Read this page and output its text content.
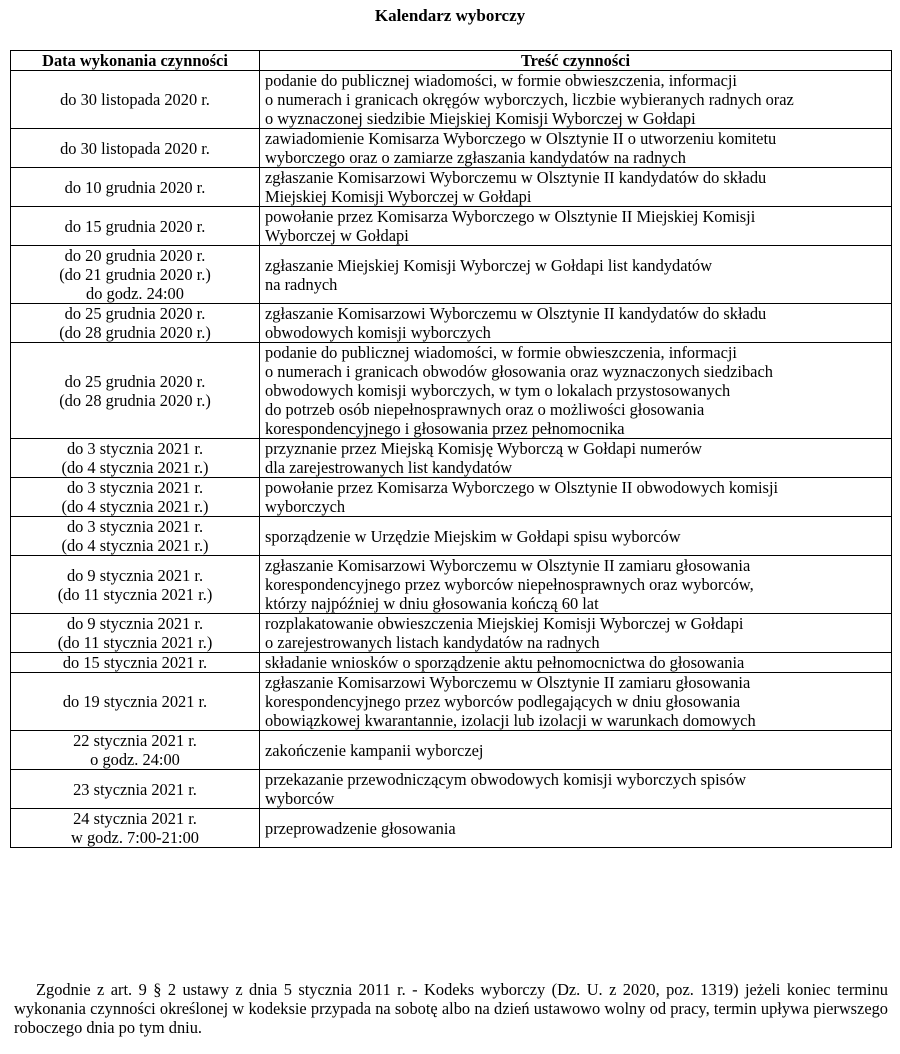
Kalendarz wyborczy
Data wykonania czynności	Treść czynności

do 30 listopada 2020 r.	podanie do publicznej wiadomości, w formie obwieszczenia, informacji
o numerach i granicach okręgów wyborczych, liczbie wybieranych radnych oraz
o wyznaczonej siedzibie Miejskiej Komisji Wyborczej w Gołdapi

do 30 listopada 2020 r.	zawiadomienie Komisarza Wyborczego w Olsztynie II o utworzeniu komitetu
wyborczego oraz o zamiarze zgłaszania kandydatów na radnych

do 10 grudnia 2020 r.	zgłaszanie Komisarzowi Wyborczemu w Olsztynie II kandydatów do składu
Miejskiej Komisji Wyborczej w Gołdapi

do 15 grudnia 2020 r.	powołanie przez Komisarza Wyborczego w Olsztynie II Miejskiej Komisji
Wyborczej w Gołdapi

do 20 grudnia 2020 r.
(do 21 grudnia 2020 r.)
do godz. 24:00	zgłaszanie Miejskiej Komisji Wyborczej w Gołdapi list kandydatów
na radnych

do 25 grudnia 2020 r.
(do 28 grudnia 2020 r.)	zgłaszanie Komisarzowi Wyborczemu w Olsztynie II kandydatów do składu
obwodowych komisji wyborczych

do 25 grudnia 2020 r.
(do 28 grudnia 2020 r.)	podanie do publicznej wiadomości, w formie obwieszczenia, informacji
o numerach i granicach obwodów głosowania oraz wyznaczonych siedzibach
obwodowych komisji wyborczych, w tym o lokalach przystosowanych
do potrzeb osób niepełnosprawnych oraz o możliwości głosowania
korespondencyjnego i głosowania przez pełnomocnika

do 3 stycznia 2021 r.
(do 4 stycznia 2021 r.)	przyznanie przez Miejską Komisję Wyborczą w Gołdapi numerów
dla zarejestrowanych list kandydatów

do 3 stycznia 2021 r.
(do 4 stycznia 2021 r.)	powołanie przez Komisarza Wyborczego w Olsztynie II obwodowych komisji
wyborczych

do 3 stycznia 2021 r.
(do 4 stycznia 2021 r.)	sporządzenie w Urzędzie Miejskim w Gołdapi spisu wyborców

do 9 stycznia 2021 r.
(do 11 stycznia 2021 r.)	zgłaszanie Komisarzowi Wyborczemu w Olsztynie II zamiaru głosowania
korespondencyjnego przez wyborców niepełnosprawnych oraz wyborców,
którzy najpóźniej w dniu głosowania kończą 60 lat

do 9 stycznia 2021 r.
(do 11 stycznia 2021 r.)	rozplakatowanie obwieszczenia Miejskiej Komisji Wyborczej w Gołdapi
o zarejestrowanych listach kandydatów na radnych

do 15 stycznia 2021 r.	składanie wniosków o sporządzenie aktu pełnomocnictwa do głosowania

do 19 stycznia 2021 r.	zgłaszanie Komisarzowi Wyborczemu w Olsztynie II zamiaru głosowania
korespondencyjnego przez wyborców podlegających w dniu głosowania
obowiązkowej kwarantannie, izolacji lub izolacji w warunkach domowych

22 stycznia 2021 r.
o godz. 24:00	zakończenie kampanii wyborczej

23 stycznia 2021 r.	przekazanie przewodniczącym obwodowych komisji wyborczych spisów
wyborców

24 stycznia 2021 r.
w godz. 7:00-21:00	przeprowadzenie głosowania
Zgodnie z art. 9 § 2 ustawy z dnia 5 stycznia 2011 r. - Kodeks wyborczy (Dz. U. z 2020, poz. 1319) jeżeli koniec terminu wykonania czynności określonej w kodeksie przypada na sobotę albo na dzień ustawowo wolny od pracy, termin upływa pierwszego roboczego dnia po tym dniu.
